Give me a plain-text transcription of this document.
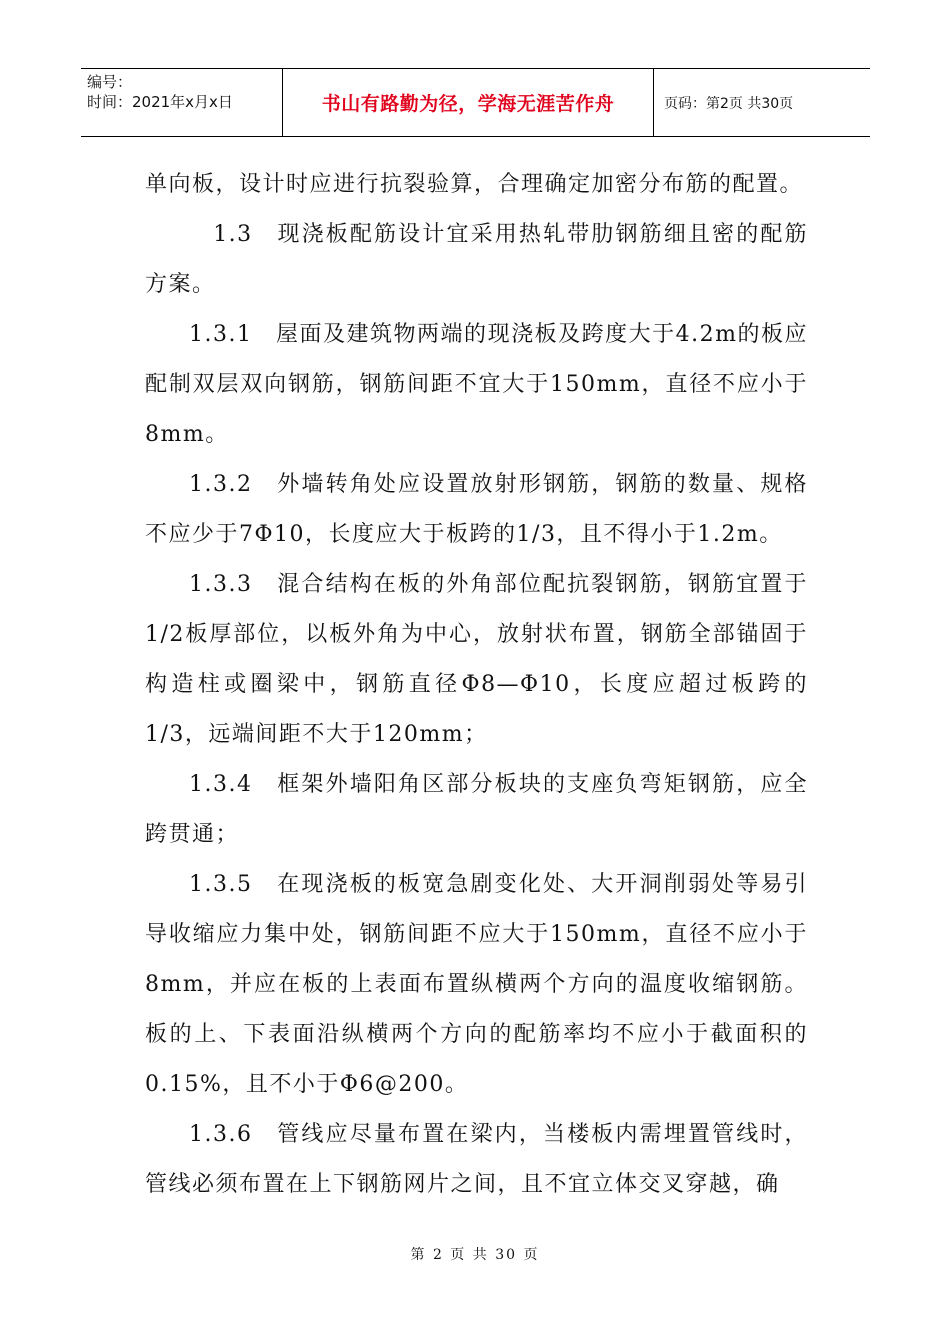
编号：
时间：2021年x月x日	书山有路勤为径，学海无涯苦作舟	页码：第2页 共30页

单向板，设计时应进行抗裂验算，合理确定加密分布筋的配置。

1.3　现浇板配筋设计宜采用热轧带肋钢筋细且密的配筋方案。

1.3.1　屋面及建筑物两端的现浇板及跨度大于4.2m的板应配制双层双向钢筋，钢筋间距不宜大于150mm，直径不应小于8mm。

1.3.2　外墙转角处应设置放射形钢筋，钢筋的数量、规格不应少于7Φ10，长度应大于板跨的1/3，且不得小于1.2m。

1.3.3　混合结构在板的外角部位配抗裂钢筋，钢筋宜置于1/2板厚部位，以板外角为中心，放射状布置，钢筋全部锚固于构造柱或圈梁中，钢筋直径Φ8—Φ10，长度应超过板跨的1/3，远端间距不大于120mm；

1.3.4　框架外墙阳角区部分板块的支座负弯矩钢筋，应全跨贯通；

1.3.5　在现浇板的板宽急剧变化处、大开洞削弱处等易引导收缩应力集中处，钢筋间距不应大于150mm，直径不应小于8mm，并应在板的上表面布置纵横两个方向的温度收缩钢筋。板的上、下表面沿纵横两个方向的配筋率均不应小于截面积的0.15%，且不小于Φ6@200。

1.3.6　管线应尽量布置在梁内，当楼板内需埋置管线时，管线必须布置在上下钢筋网片之间，且不宜立体交叉穿越，确

第 2 页 共 30 页
